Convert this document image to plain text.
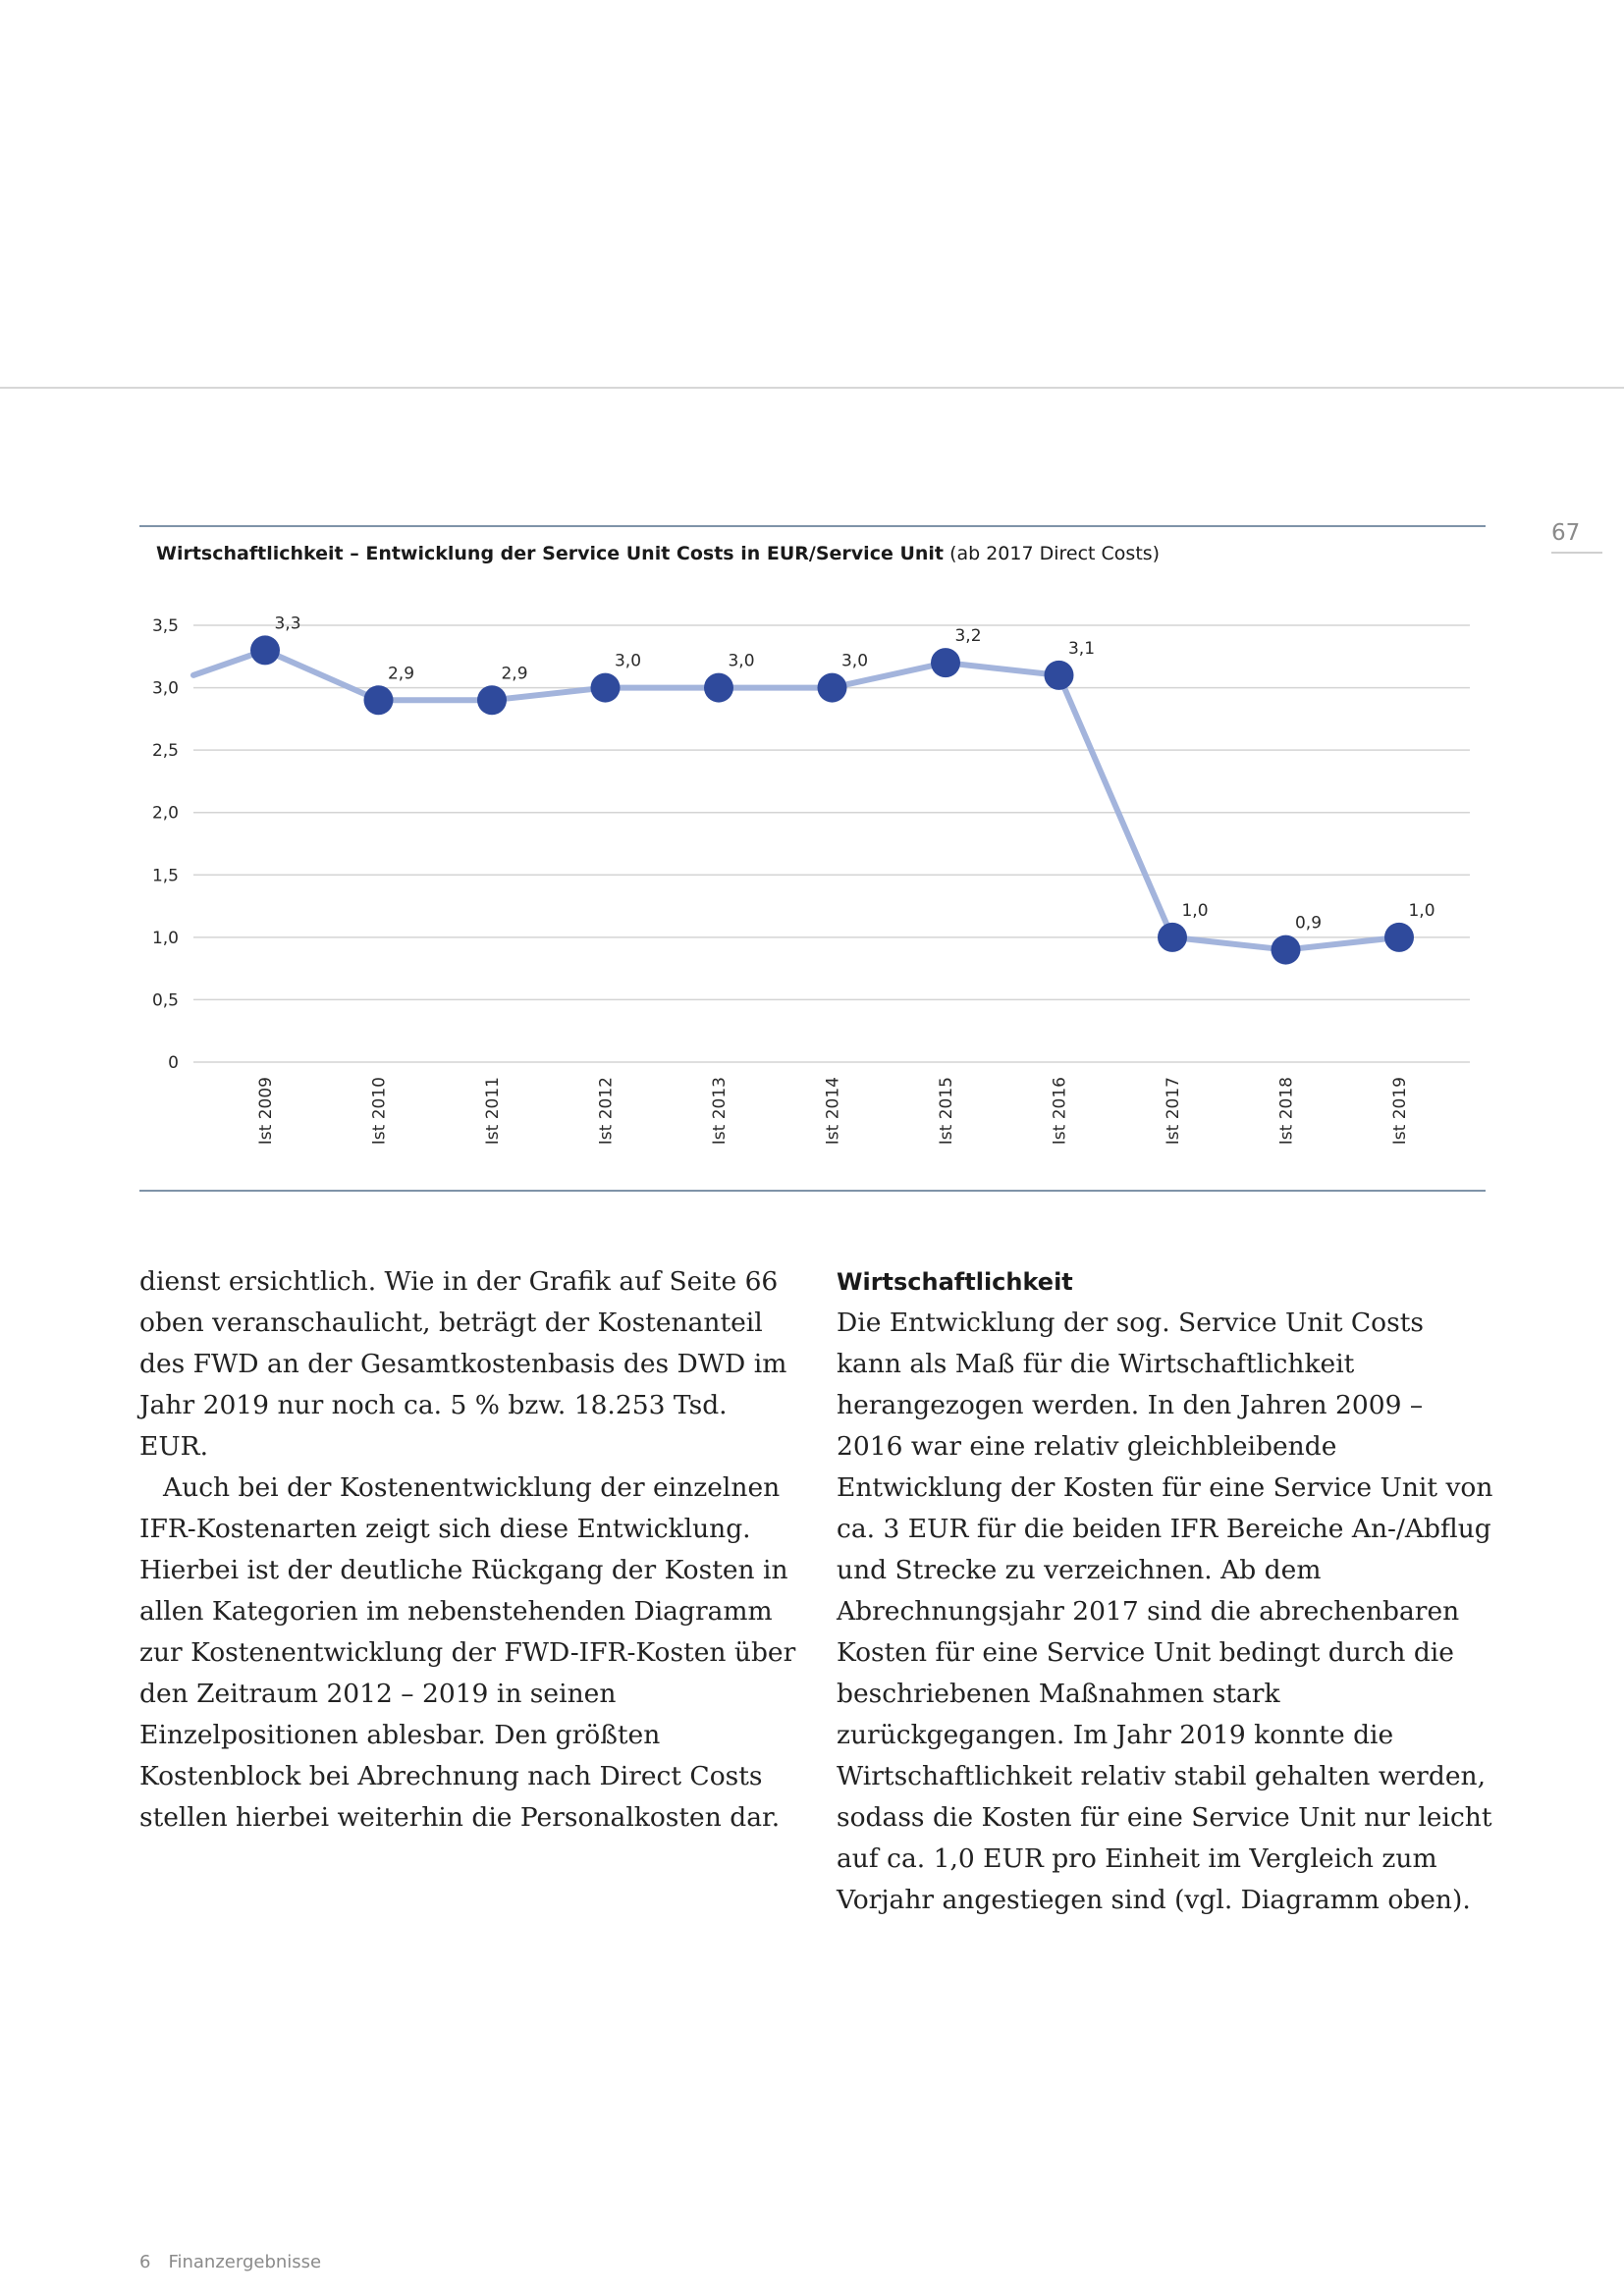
67
Wirtschaftlichkeit – Entwicklung der Service Unit Costs in EUR/Service Unit (ab 2017 Direct Costs)
0
0,5
1,0
1,5
2,0
2,5
3,0
3,5	3,3
Ist 2009
2,9
Ist 2010
2,9
Ist 2011
3,0
Ist 2012
3,0
Ist 2013
3,0
Ist 2014
3,2
Ist 2015
3,1
Ist 2016
1,0
Ist 2017
0,9
Ist 2018
1,0
Ist 2019

dienst ersichtlich. Wie in der Grafik auf Seite 66 oben veranschaulicht, beträgt der Kostenanteil des FWD an der Gesamtkostenbasis des DWD im Jahr 2019 nur noch ca. 5 % bzw. 18.253 Tsd. EUR.

Auch bei der Kostenentwicklung der einzelnen IFR-Kostenarten zeigt sich diese Entwicklung. Hierbei ist der deutliche Rückgang der Kosten in allen Kategorien im nebenstehenden Diagramm zur Kostenentwicklung der FWD-IFR-Kosten über den Zeitraum 2012 – 2019 in seinen Einzelpositionen ablesbar. Den größten Kostenblock bei Abrechnung nach Direct Costs stellen hierbei weiterhin die Personalkosten dar.

Wirtschaftlichkeit

Die Entwicklung der sog. Service Unit Costs kann als Maß für die Wirtschaftlichkeit herangezogen werden. In den Jahren 2009 – 2016 war eine relativ gleichbleibende Entwicklung der Kosten für eine Service Unit von ca. 3 EUR für die beiden IFR Bereiche An-/Abflug und Strecke zu verzeichnen. Ab dem Abrechnungsjahr 2017 sind die abrechenbaren Kosten für eine Service Unit bedingt durch die beschriebenen Maßnahmen stark zurückgegangen. Im Jahr 2019 konnte die Wirtschaftlichkeit relativ stabil gehalten werden, sodass die Kosten für eine Service Unit nur leicht auf ca. 1,0 EUR pro Einheit im Vergleich zum Vorjahr angestiegen sind (vgl. Diagramm oben).

6 Finanzergebnisse
